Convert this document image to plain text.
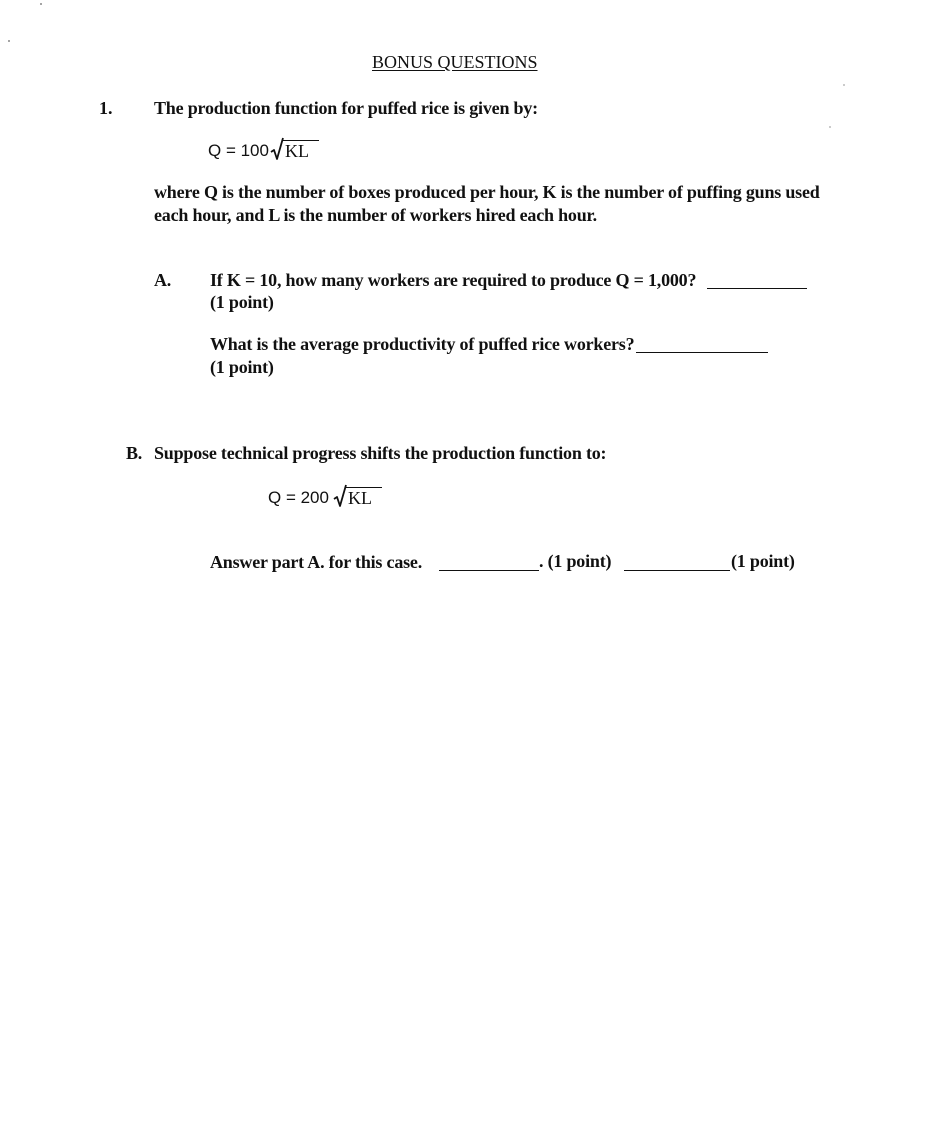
BONUS QUESTIONS
1. The production function for puffed rice is given by:
Q = 100 KL
where Q is the number of boxes produced per hour, K is the number of puffing guns used
each hour, and L is the number of workers hired each hour.
A. If K = 10, how many workers are required to produce Q = 1,000?
(1 point)
What is the average productivity of puffed rice workers?
(1 point)
B. Suppose technical progress shifts the production function to:
Q = 200 KL
Answer part A. for this case.	. (1 point)	(1 point)
